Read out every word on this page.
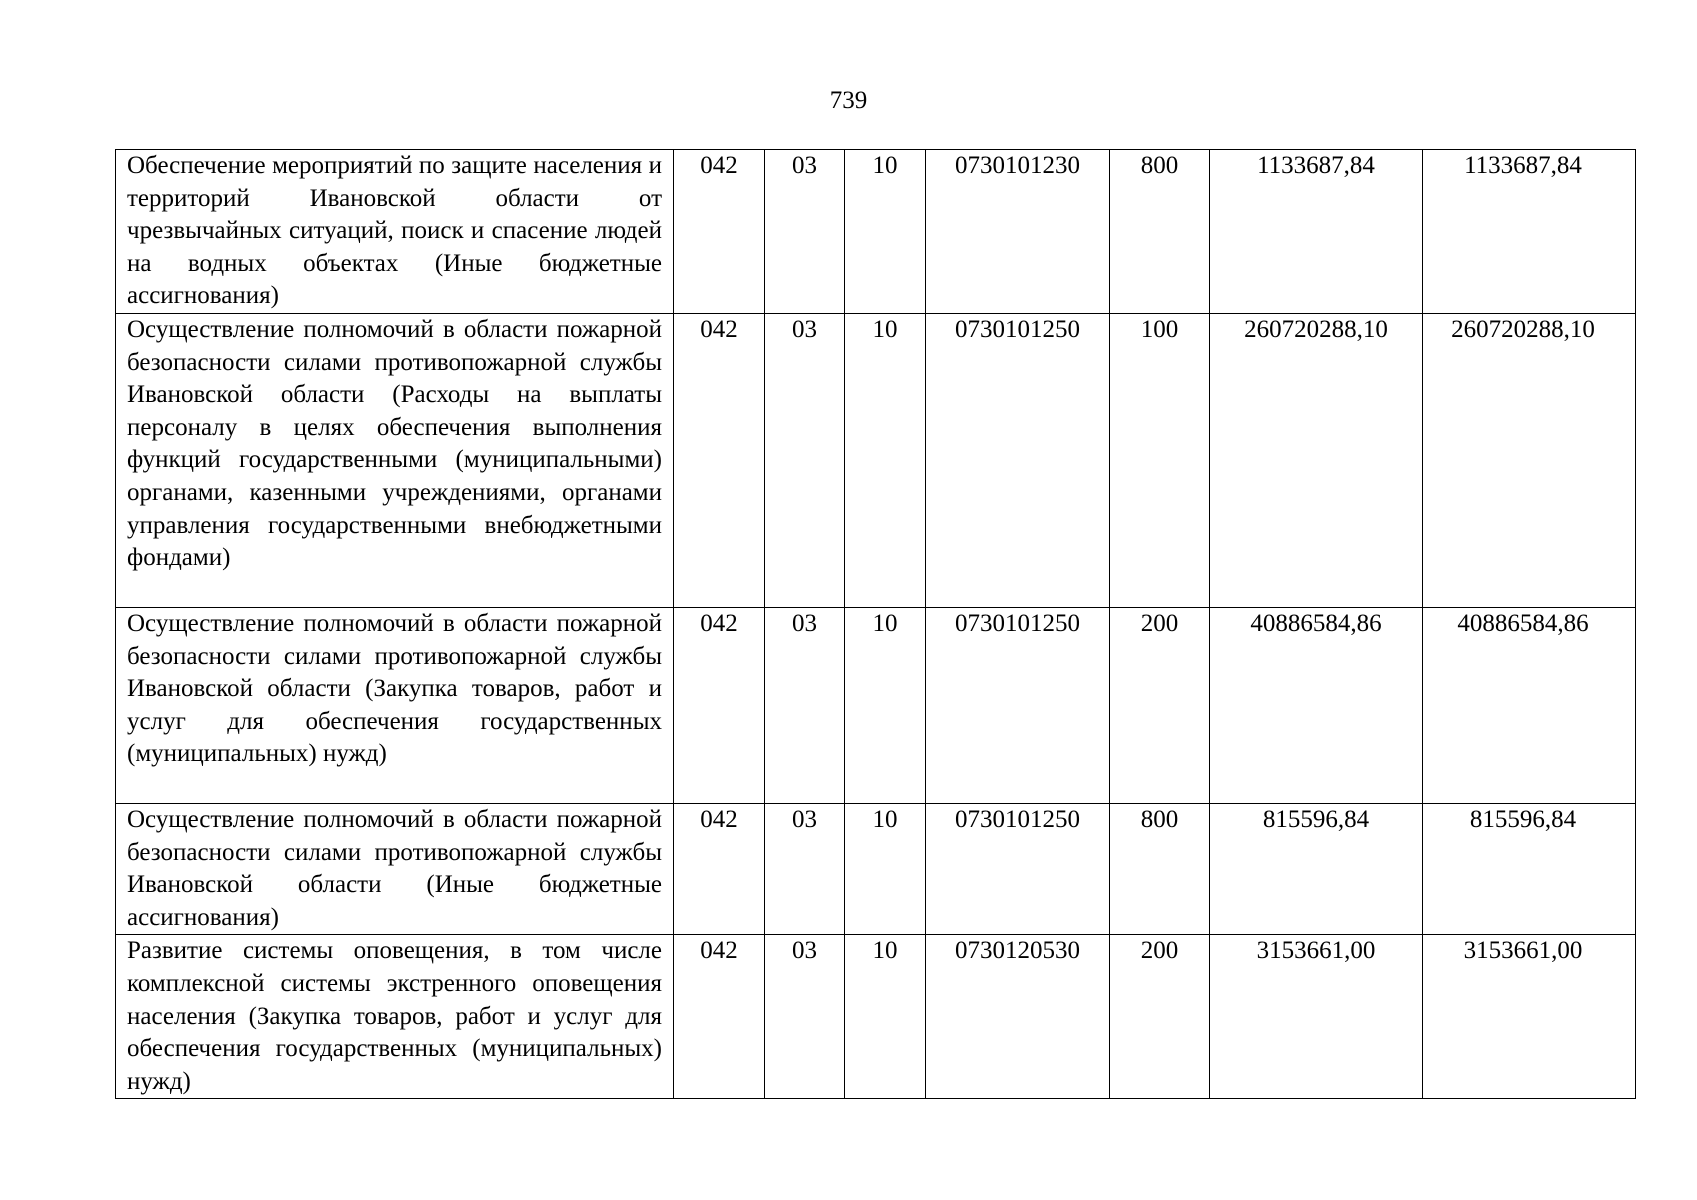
739
Обеспечение мероприятий по защите населения и территорий Ивановской области от чрезвычайных ситуаций, поиск и спасение людей на водных объектах (Иные бюджетные ассигнования)	042	03	10	0730101230	800	1133687,84	1133687,84
Осуществление полномочий в области пожарной безопасности силами противопожарной службы Ивановской области (Расходы на выплаты персоналу в целях обеспечения выполнения функций государственными (муниципальными) органами, казенными учреждениями, органами управления государственными внебюджетными фондами)	042	03	10	0730101250	100	260720288,10	260720288,10
Осуществление полномочий в области пожарной безопасности силами противопожарной службы Ивановской области (Закупка товаров, работ и услуг для обеспечения государственных (муниципальных) нужд)	042	03	10	0730101250	200	40886584,86	40886584,86
Осуществление полномочий в области пожарной безопасности силами противопожарной службы Ивановской области (Иные бюджетные ассигнования)	042	03	10	0730101250	800	815596,84	815596,84
Развитие системы оповещения, в том числе комплексной системы экстренного оповещения населения (Закупка товаров, работ и услуг для обеспечения государственных (муниципальных) нужд)	042	03	10	0730120530	200	3153661,00	3153661,00
